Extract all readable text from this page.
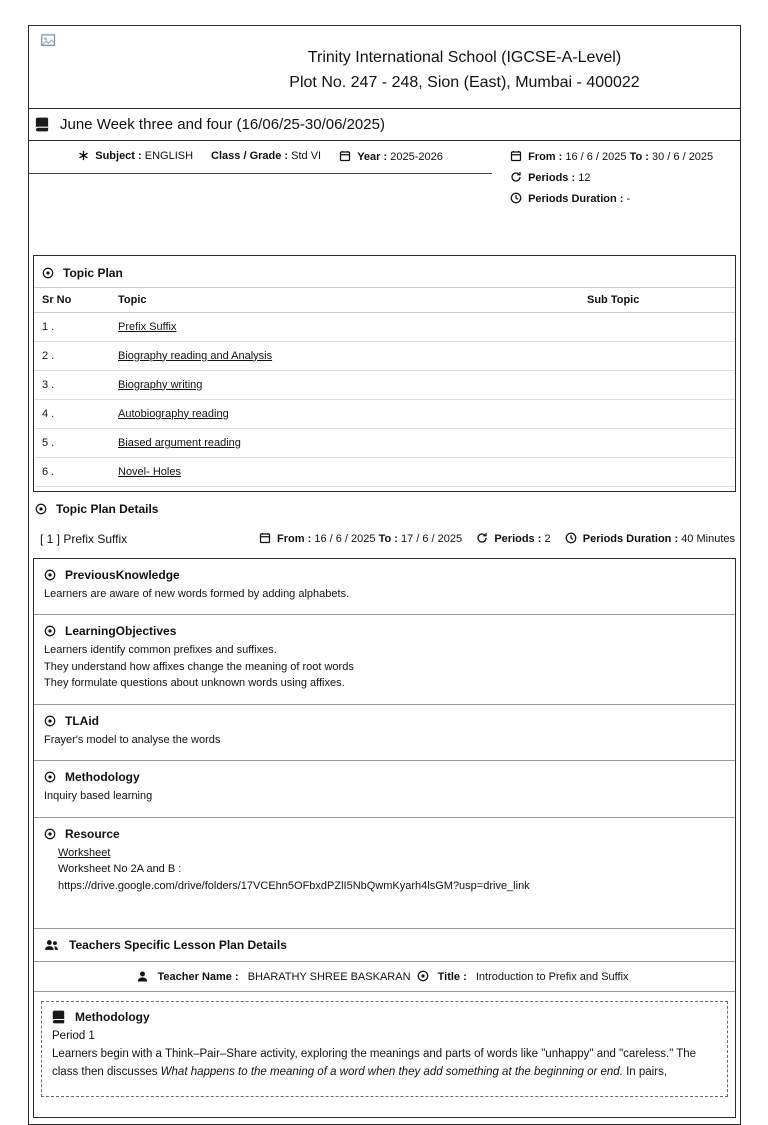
Trinity International School (IGCSE-A-Level)
Plot No. 247 - 248, Sion (East), Mumbai - 400022
June Week three and four (16/06/25-30/06/2025)
Subject : ENGLISH Class / Grade : Std VI	Year : 2025-2026	From : 16 / 6 / 2025 To : 30 / 6 / 2025
Periods : 12
Periods Duration : -
Topic Plan
Sr No	Topic	Sub Topic
1 .	Prefix Suffix	
2 .	Biography reading and Analysis	
3 .	Biography writing	
4 .	Autobiography reading	
5 .	Biased argument reading	
6 .	Novel- Holes	
Topic Plan Details
[ 1 ] Prefix Suffix	From : 16 / 6 / 2025 To : 17 / 6 / 2025	Periods : 2	Periods Duration : 40 Minutes
PreviousKnowledge
Learners are aware of new words formed by adding alphabets.
LearningObjectives
Learners identify common prefixes and suffixes.
They understand how affixes change the meaning of root words
They formulate questions about unknown words using affixes.
TLAid
Frayer's model to analyse the words
Methodology
Inquiry based learning
Resource
Worksheet
Worksheet No 2A and B :
https://drive.google.com/drive/folders/17VCEhn5OFbxdPZlI5NbQwmKyarh4lsGM?usp=drive_link
Teachers Specific Lesson Plan Details
Teacher Name : BHARATHY SHREE BASKARAN Title : Introduction to Prefix and Suffix
Methodology
Period 1
Learners begin with a Think–Pair–Share activity, exploring the meanings and parts of words like "unhappy" and "careless." The class then discusses What happens to the meaning of a word when they add something at the beginning or end. In pairs,
